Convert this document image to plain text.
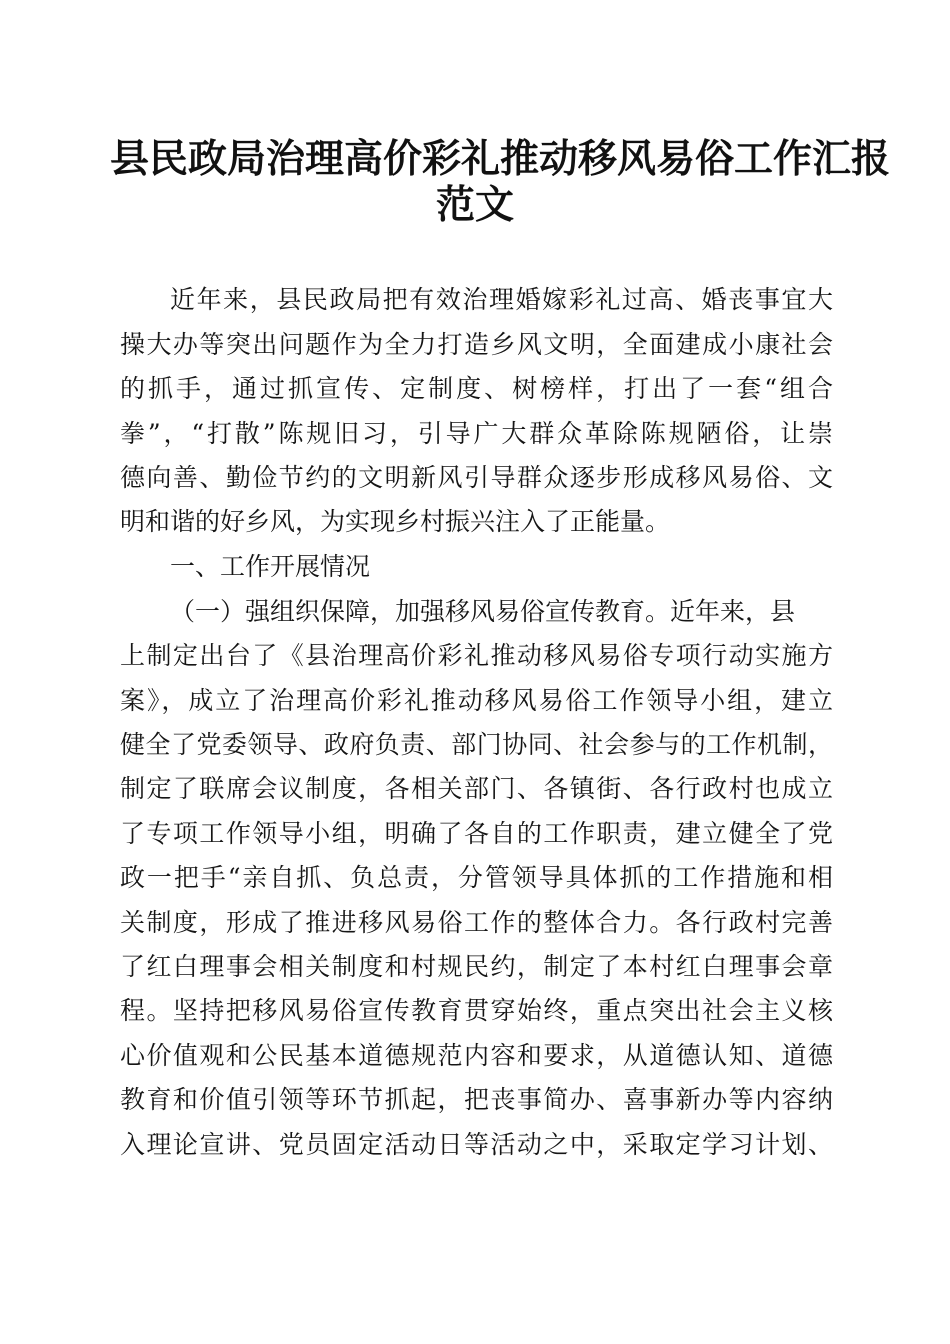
县民政局治理高价彩礼推动移风易俗工作汇报
范文
近年来，县民政局把有效治理婚嫁彩礼过高、婚丧事宜大
操大办等突出问题作为全力打造乡风文明，全面建成小康社会
的抓手，通过抓宣传、定制度、树榜样，打出了一套“组合
拳”，“打散”陈规旧习，引导广大群众革除陈规陋俗，让崇
德向善、勤俭节约的文明新风引导群众逐步形成移风易俗、文
明和谐的好乡风，为实现乡村振兴注入了正能量。
一、工作开展情况
（一）强组织保障，加强移风易俗宣传教育。近年来，县
上制定出台了《县治理高价彩礼推动移风易俗专项行动实施方
案》，成立了治理高价彩礼推动移风易俗工作领导小组，建立
健全了党委领导、政府负责、部门协同、社会参与的工作机制，
制定了联席会议制度，各相关部门、各镇街、各行政村也成立
了专项工作领导小组，明确了各自的工作职责，建立健全了党
政一把手“亲自抓、负总责，分管领导具体抓的工作措施和相
关制度，形成了推进移风易俗工作的整体合力。各行政村完善
了红白理事会相关制度和村规民约，制定了本村红白理事会章
程。坚持把移风易俗宣传教育贯穿始终，重点突出社会主义核
心价值观和公民基本道德规范内容和要求，从道德认知、道德
教育和价值引领等环节抓起，把丧事简办、喜事新办等内容纳
入理论宣讲、党员固定活动日等活动之中，采取定学习计划、
